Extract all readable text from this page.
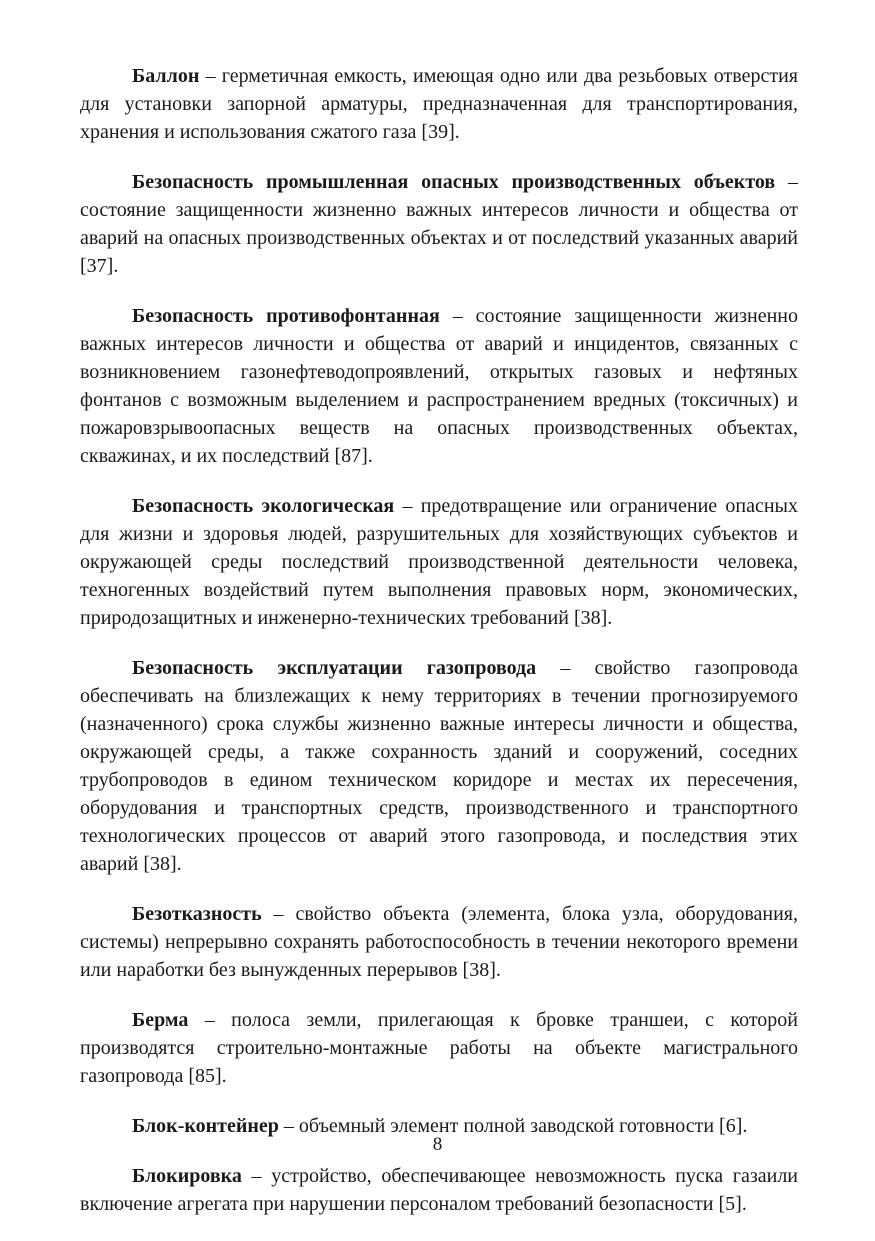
Баллон – герметичная емкость, имеющая одно или два резьбовых отверстия для установки запорной арматуры, предназначенная для транспортирования, хранения и использования сжатого газа [39].

Безопасность промышленная опасных производственных объектов – состояние защищенности жизненно важных интересов личности и общества от аварий на опасных производственных объектах и от последствий указанных аварий [37].

Безопасность противофонтанная – состояние защищенности жизненно важных интересов личности и общества от аварий и инцидентов, связанных с возникновением газонефтеводопроявлений, открытых газовых и нефтяных фонтанов с возможным выделением и распространением вредных (токсичных) и пожаровзрывоопасных веществ на опасных производственных объектах, скважинах, и их последствий [87].

Безопасность экологическая – предотвращение или ограничение опасных для жизни и здоровья людей, разрушительных для хозяйствующих субъектов и окружающей среды последствий производственной деятельности человека, техногенных воздействий путем выполнения правовых норм, экономических, природозащитных и инженерно-технических требований [38].

Безопасность эксплуатации газопровода – свойство газопровода обеспечивать на близлежащих к нему территориях в течении прогнозируемого (назначенного) срока службы жизненно важные интересы личности и общества, окружающей среды, а также сохранность зданий и сооружений, соседних трубопроводов в едином техническом коридоре и местах их пересечения, оборудования и транспортных средств, производственного и транспортного технологических процессов от аварий этого газопровода, и последствия этих аварий [38].

Безотказность – свойство объекта (элемента, блока узла, оборудования, системы) непрерывно сохранять работоспособность в течении некоторого времени или наработки без вынужденных перерывов [38].

Берма – полоса земли, прилегающая к бровке траншеи, с которой производятся строительно-монтажные работы на объекте магистрального газопровода [85].

Блок-контейнер – объемный элемент полной заводской готовности [6].

Блокировка – устройство, обеспечивающее невозможность пуска газаили включение агрегата при нарушении персоналом требований безопасности [5].

8
